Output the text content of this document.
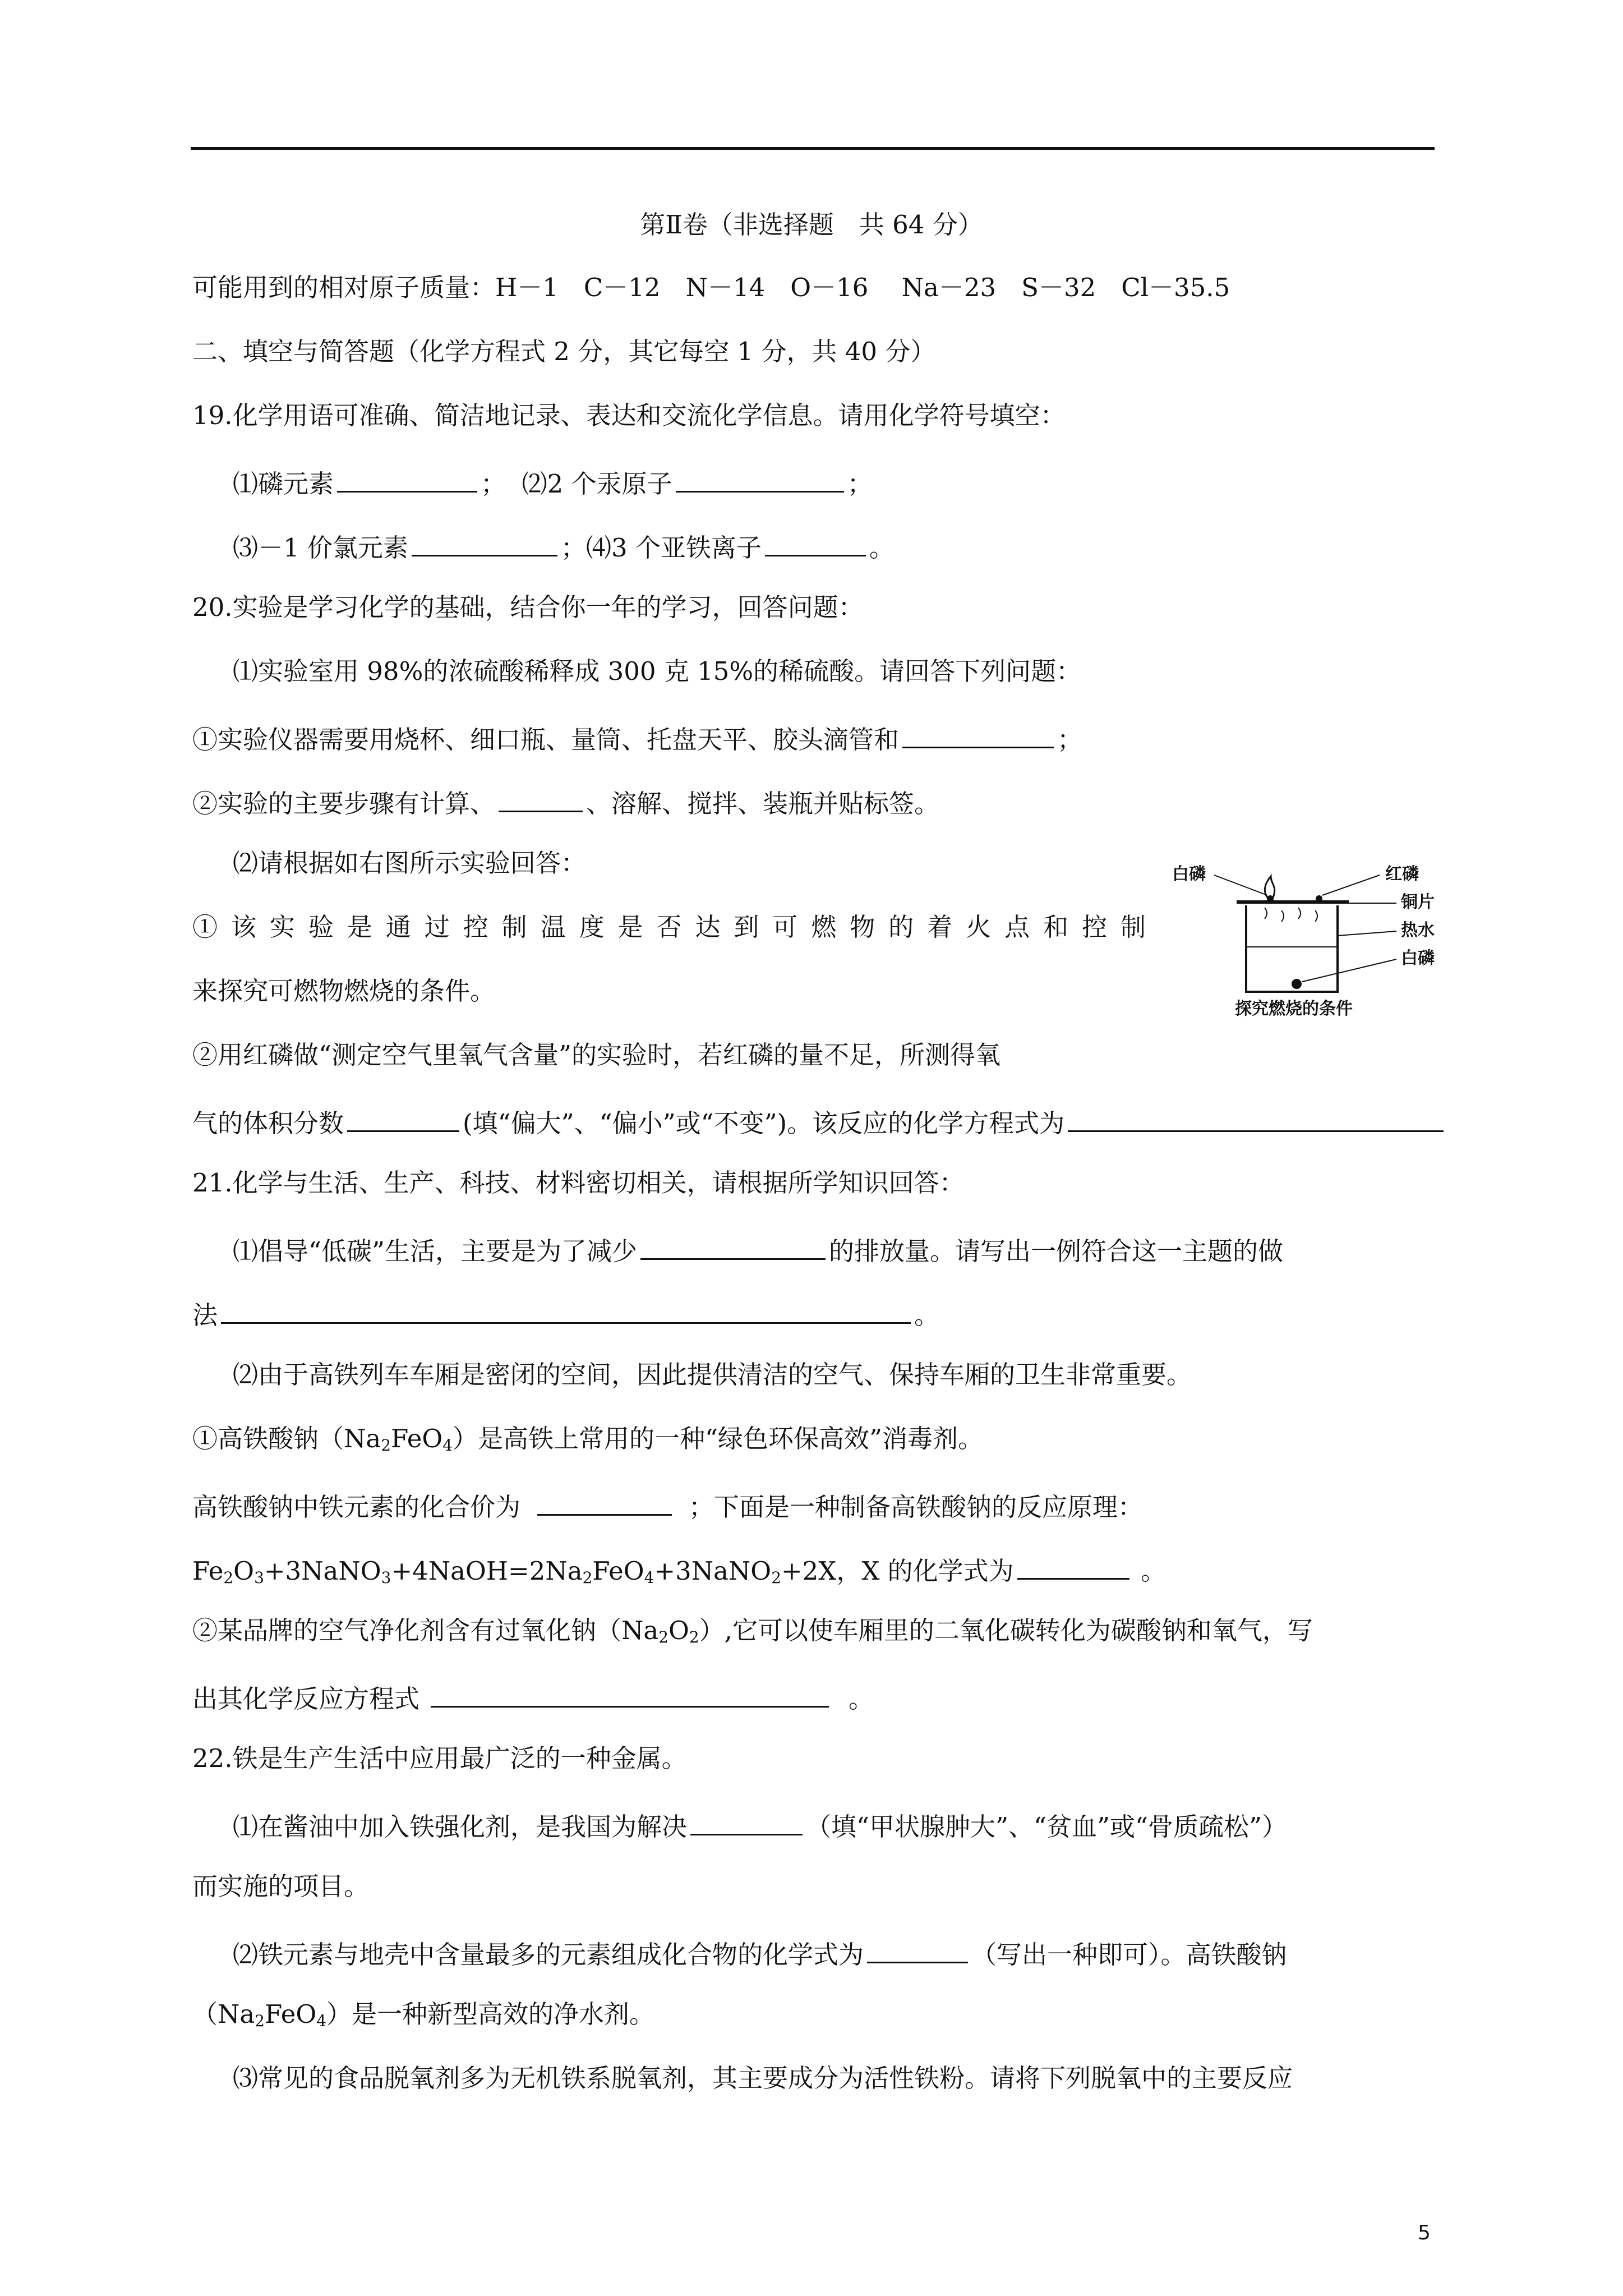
第Ⅱ卷（非选择题　共 64 分）
可能用到的相对原子质量：H－1　C－12　N－14　O－16　 Na－23　S－32　Cl－35.5
二、填空与简答题（化学方程式 2 分，其它每空 1 分，共 40 分）
19.化学用语可准确、简洁地记录、表达和交流化学信息。请用化学符号填空：
⑴磷元素	； ⑵2 个汞原子	；
⑶－1 价氯元素	；⑷3 个亚铁离子	。
20.实验是学习化学的基础，结合你一年的学习，回答问题：
⑴实验室用 98%的浓硫酸稀释成 300 克 15%的稀硫酸。请回答下列问题：
①实验仪器需要用烧杯、细口瓶、量筒、托盘天平、胶头滴管和	；
②实验的主要步骤有计算、	、溶解、搅拌、装瓶并贴标签。
⑵请根据如右图所示实验回答：
①该实验是通过控制温度是否达到可燃物的着火点和控制
来探究可燃物燃烧的条件。
②用红磷做“测定空气里氧气含量”的实验时，若红磷的量不足，所测得氧
气的体积分数	(填“偏大”、“偏小”或“不变”)。该反应的化学方程式为
白磷	红磷
铜片
热水
白磷
探究燃烧的条件
21.化学与生活、生产、科技、材料密切相关，请根据所学知识回答：
⑴倡导“低碳”生活，主要是为了减少	的排放量。请写出一例符合这一主题的做
法	。
⑵由于高铁列车车厢是密闭的空间，因此提供清洁的空气、保持车厢的卫生非常重要。
①高铁酸钠$(Na_2FeO_4)$是高铁上常用的一种“绿色环保高效”消毒剂。
高铁酸钠中铁元素的化合价为	；下面是一种制备高铁酸钠的反应原理：
$Fe_2O_3+3NaNO_3+4NaOH=2Na_2FeO_4+3NaNO_2+2X$，X 的化学式为	。
②某品牌的空气净化剂含有过氧化钠$(Na_2O_2)$,它可以使车厢里的二氧化碳转化为碳酸钠和氧气，写
出其化学反应方程式	。
22.铁是生产生活中应用最广泛的一种金属。
⑴在酱油中加入铁强化剂，是我国为解决	（填“甲状腺肿大”、“贫血”或“骨质疏松”）
而实施的项目。
⑵铁元素与地壳中含量最多的元素组成化合物的化学式为	（写出一种即可）。高铁酸钠
$(Na_2FeO_4)$是一种新型高效的净水剂。
⑶常见的食品脱氧剂多为无机铁系脱氧剂，其主要成分为活性铁粉。请将下列脱氧中的主要反应
5
